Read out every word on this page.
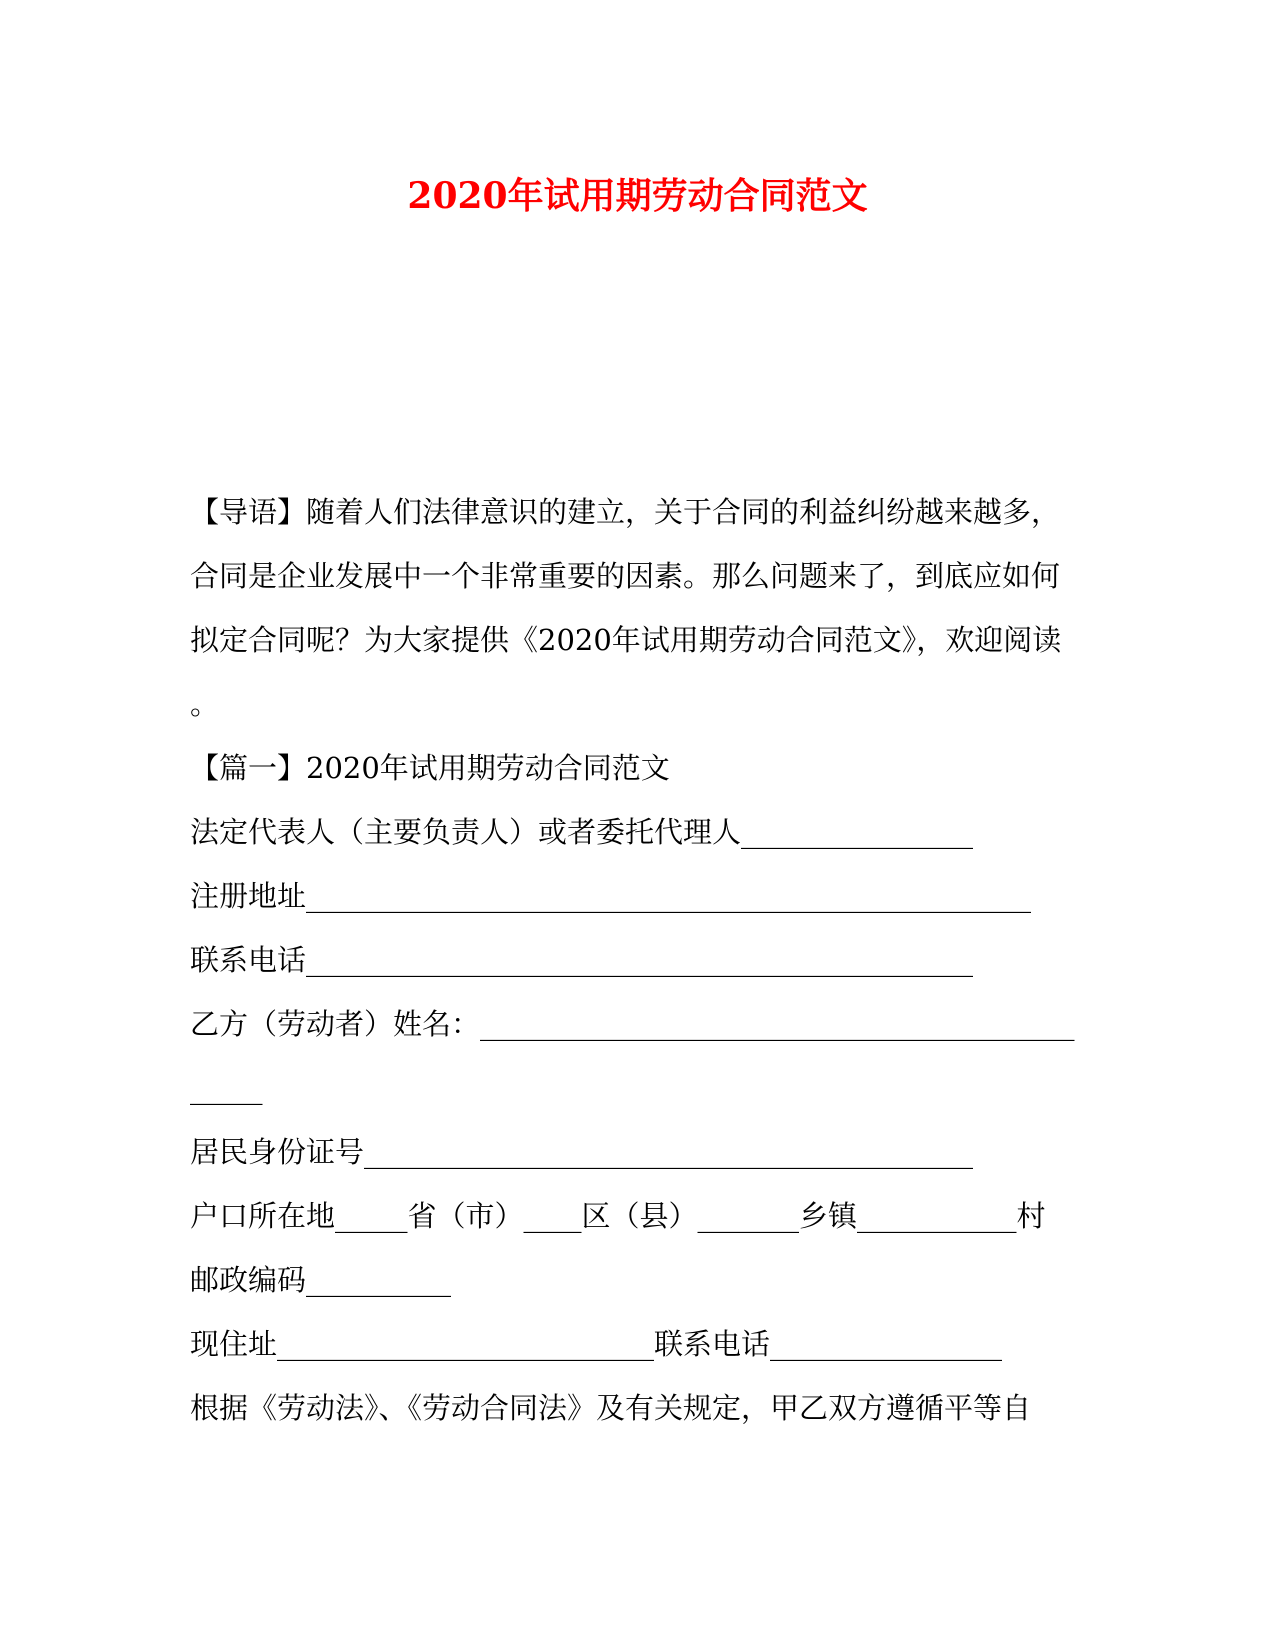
2020年试用期劳动合同范文

【导语】随着人们法律意识的建立，关于合同的利益纠纷越来越多，

合同是企业发展中一个非常重要的因素。那么问题来了，到底应如何

拟定合同呢？为大家提供《2020年试用期劳动合同范文》，欢迎阅读

。

【篇一】2020年试用期劳动合同范文

法定代表人（主要负责人）或者委托代理人________________

注册地址__________________________________________________

联系电话______________________________________________

乙方（劳动者）姓名：_________________________________________

_____

居民身份证号__________________________________________

户口所在地_____省（市）____区（县）_______乡镇___________村

邮政编码__________

现住址__________________________联系电话________________

根据《劳动法》、《劳动合同法》及有关规定，甲乙双方遵循平等自
